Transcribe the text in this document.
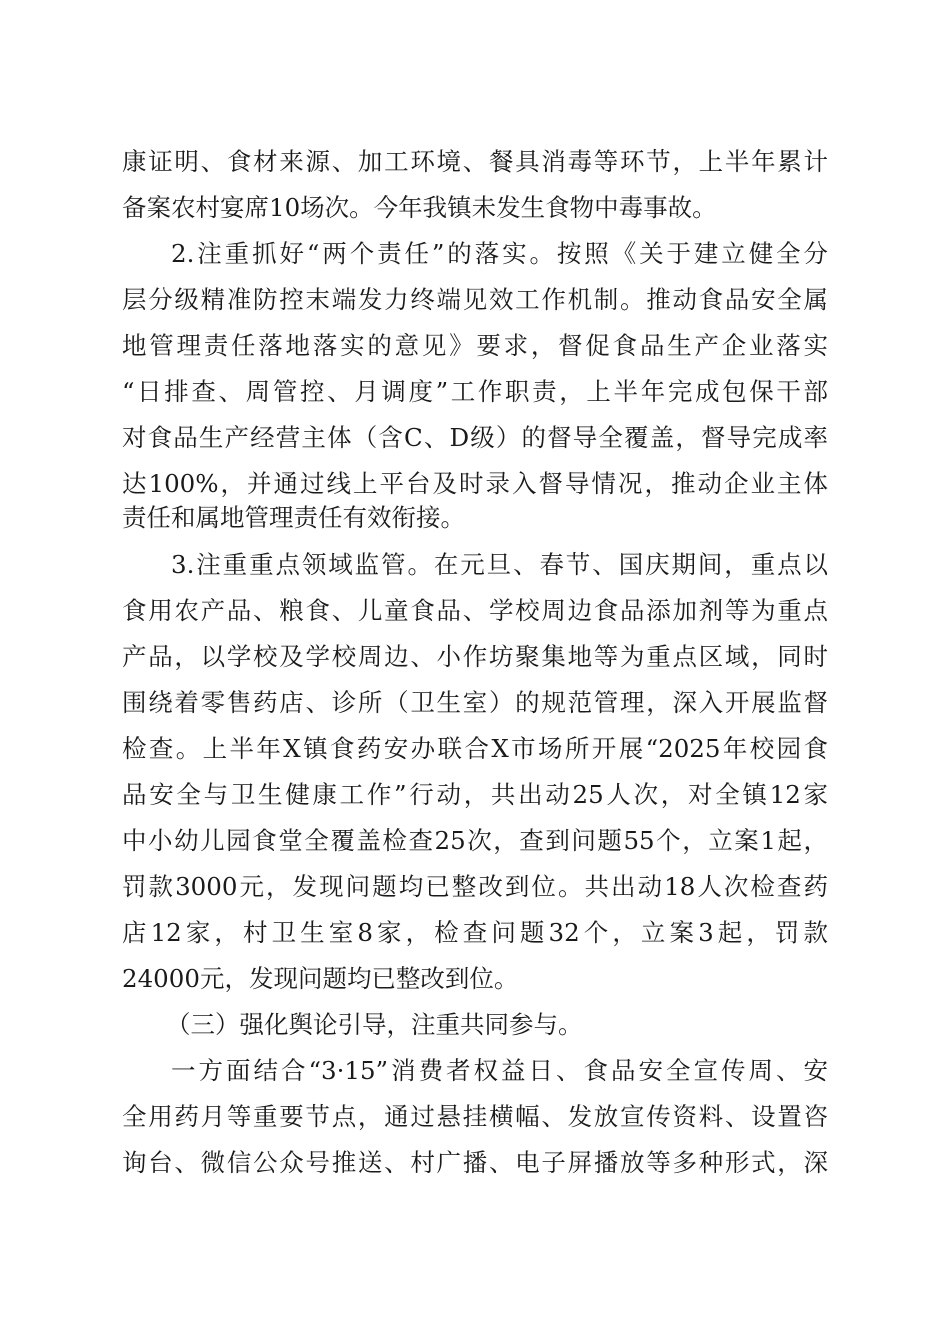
康证明、食材来源、加工环境、餐具消毒等环节，上半年累计
备案农村宴席10场次。今年我镇未发生食物中毒事故。
2.注重抓好“两个责任”的落实。按照《关于建立健全分
层分级精准防控末端发力终端见效工作机制。推动食品安全属
地管理责任落地落实的意见》要求，督促食品生产企业落实
“日排查、周管控、月调度”工作职责，上半年完成包保干部
对食品生产经营主体（含C、D级）的督导全覆盖，督导完成率
达100%，并通过线上平台及时录入督导情况，推动企业主体
责任和属地管理责任有效衔接。
3.注重重点领域监管。在元旦、春节、国庆期间，重点以
食用农产品、粮食、儿童食品、学校周边食品添加剂等为重点
产品，以学校及学校周边、小作坊聚集地等为重点区域，同时
围绕着零售药店、诊所（卫生室）的规范管理，深入开展监督
检查。上半年X镇食药安办联合X市场所开展“2025年校园食
品安全与卫生健康工作”行动，共出动25人次，对全镇12家
中小幼儿园食堂全覆盖检查25次，查到问题55个，立案1起，
罚款3000元，发现问题均已整改到位。共出动18人次检查药
店12家，村卫生室8家，检查问题32个，立案3起，罚款
24000元，发现问题均已整改到位。
（三）强化舆论引导，注重共同参与。
一方面结合“3·15”消费者权益日、食品安全宣传周、安
全用药月等重要节点，通过悬挂横幅、发放宣传资料、设置咨
询台、微信公众号推送、村广播、电子屏播放等多种形式，深
